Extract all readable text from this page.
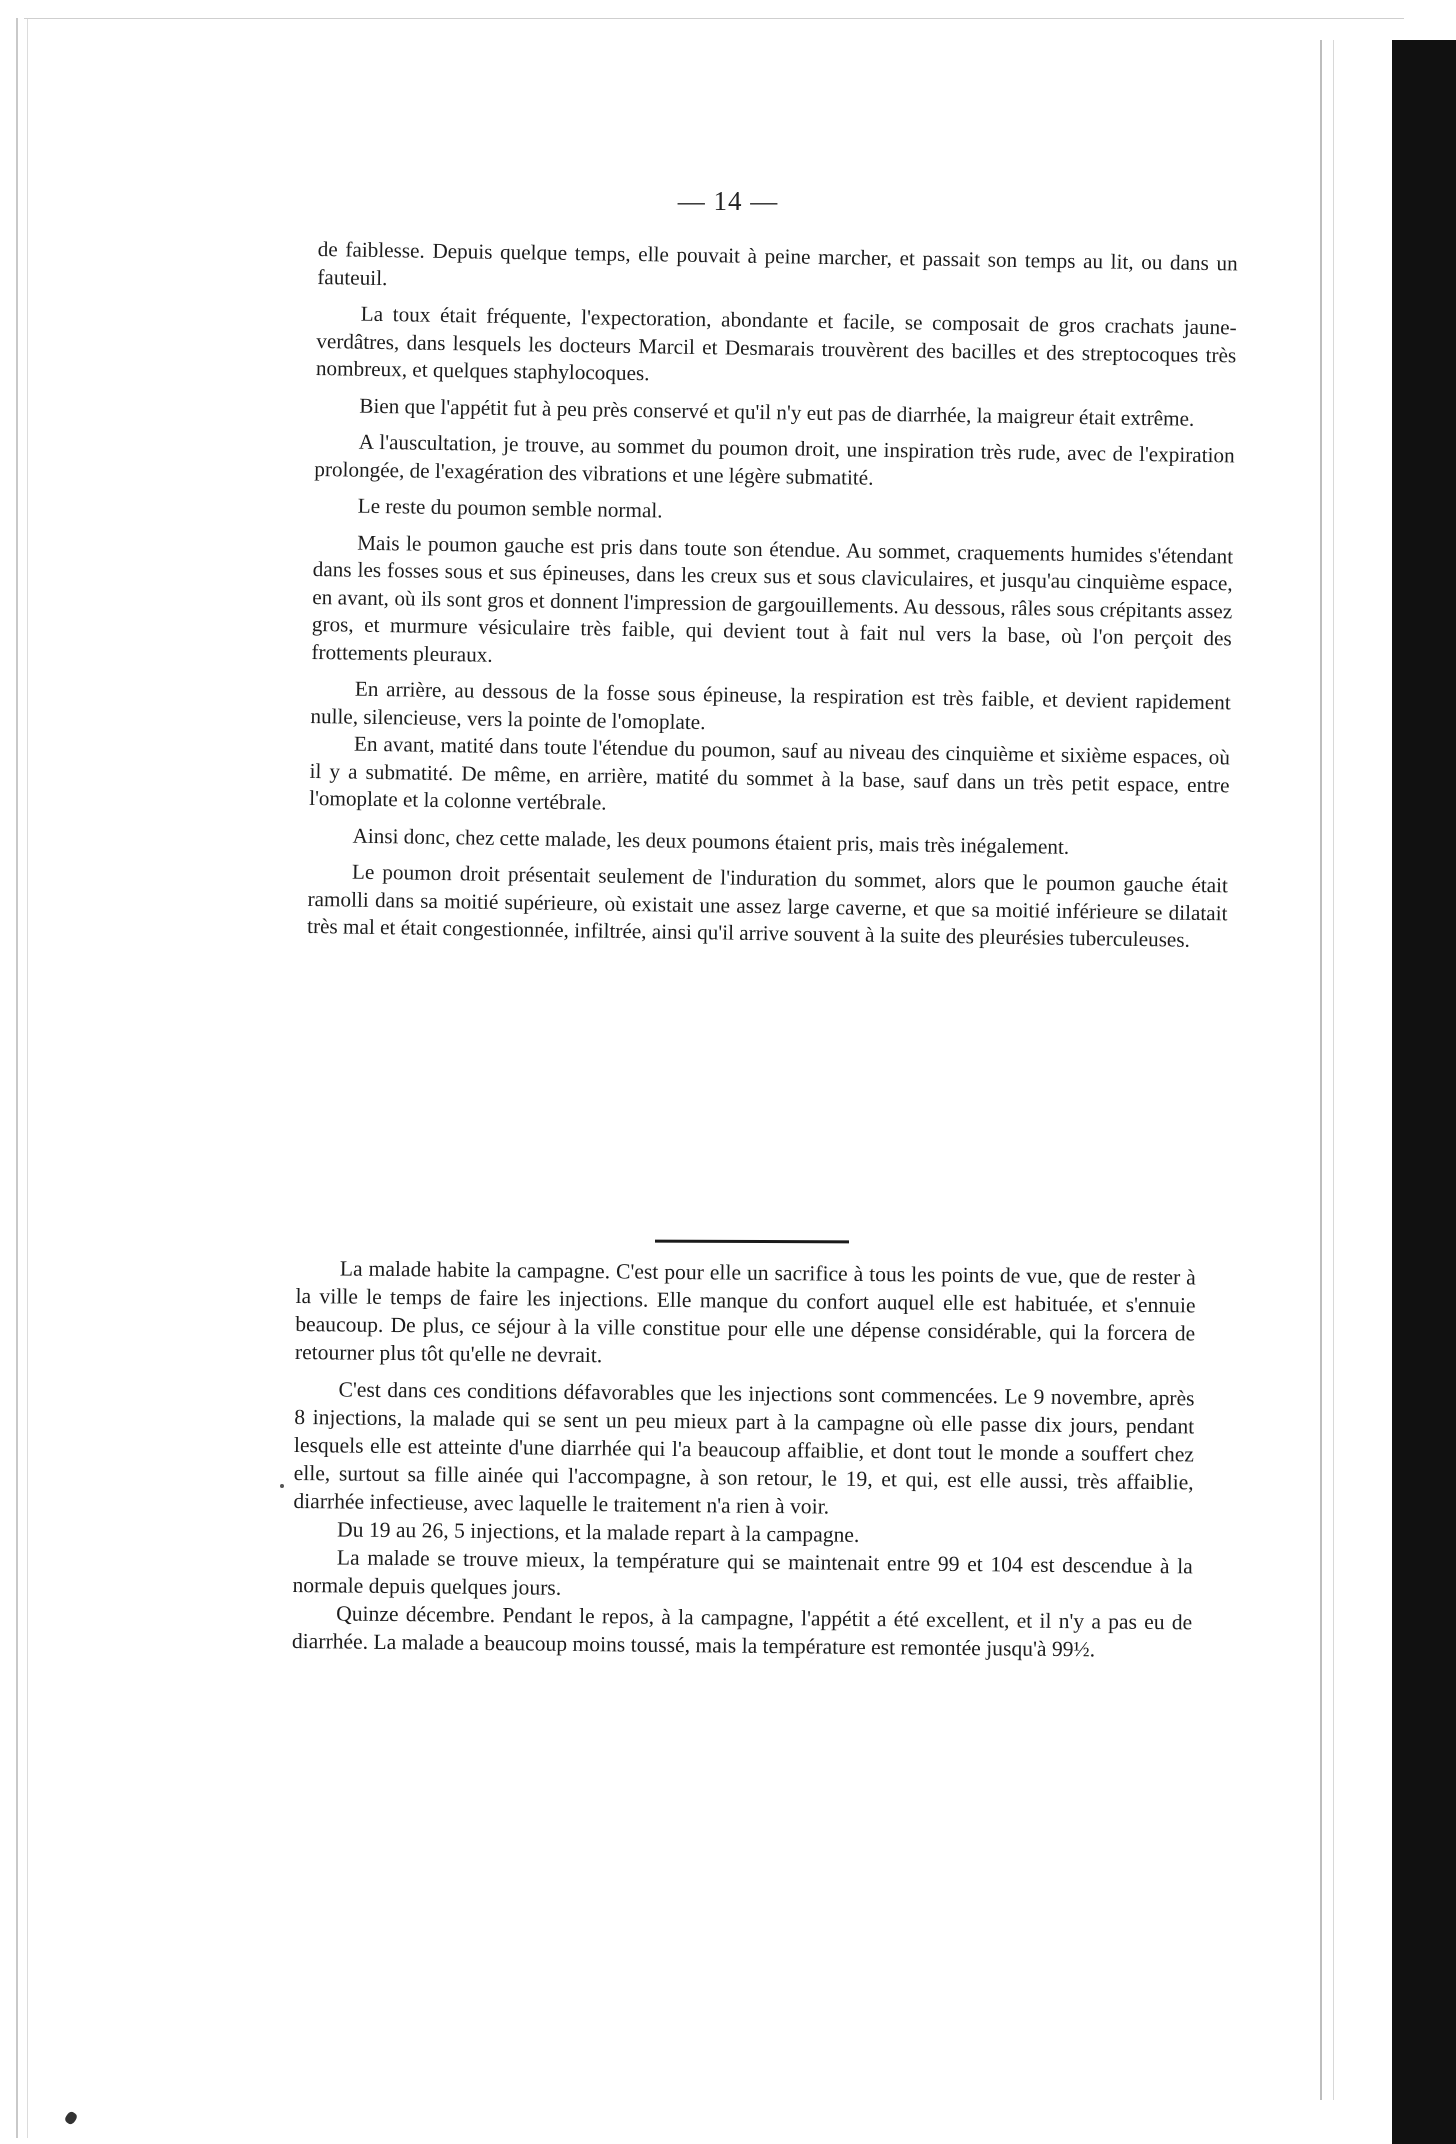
— 14 —

de faiblesse. Depuis quelque temps, elle pouvait à peine marcher, et passait son temps au lit, ou dans un fauteuil.

La toux était fréquente, l'expectoration, abondante et facile, se composait de gros crachats jaune-verdâtres, dans lesquels les docteurs Marcil et Desmarais trouvèrent des bacilles et des streptocoques très nombreux, et quelques staphylocoques.

Bien que l'appétit fut à peu près conservé et qu'il n'y eut pas de diarrhée, la maigreur était extrême.

A l'auscultation, je trouve, au sommet du poumon droit, une inspiration très rude, avec de l'expiration prolongée, de l'exagération des vibrations et une légère submatité.

Le reste du poumon semble normal.

Mais le poumon gauche est pris dans toute son étendue. Au sommet, craquements humides s'étendant dans les fosses sous et sus épineuses, dans les creux sus et sous claviculaires, et jusqu'au cinquième espace, en avant, où ils sont gros et donnent l'impression de gargouillements. Au dessous, râles sous crépitants assez gros, et murmure vésiculaire très faible, qui devient tout à fait nul vers la base, où l'on perçoit des frottements pleuraux.

En arrière, au dessous de la fosse sous épineuse, la respiration est très faible, et devient rapidement nulle, silencieuse, vers la pointe de l'omoplate.

En avant, matité dans toute l'étendue du poumon, sauf au niveau des cinquième et sixième espaces, où il y a submatité. De même, en arrière, matité du sommet à la base, sauf dans un très petit espace, entre l'omoplate et la colonne vertébrale.

Ainsi donc, chez cette malade, les deux poumons étaient pris, mais très inégalement.

Le poumon droit présentait seulement de l'induration du sommet, alors que le poumon gauche était ramolli dans sa moitié supérieure, où existait une assez large caverne, et que sa moitié inférieure se dilatait très mal et était congestionnée, infiltrée, ainsi qu'il arrive souvent à la suite des pleurésies tuberculeuses.

La malade habite la campagne. C'est pour elle un sacrifice à tous les points de vue, que de rester à la ville le temps de faire les injections. Elle manque du confort auquel elle est habituée, et s'ennuie beaucoup. De plus, ce séjour à la ville constitue pour elle une dépense considérable, qui la forcera de retourner plus tôt qu'elle ne devrait.

C'est dans ces conditions défavorables que les injections sont commencées. Le 9 novembre, après 8 injections, la malade qui se sent un peu mieux part à la campagne où elle passe dix jours, pendant lesquels elle est atteinte d'une diarrhée qui l'a beaucoup affaiblie, et dont tout le monde a souffert chez elle, surtout sa fille ainée qui l'accompagne, à son retour, le 19, et qui, est elle aussi, très affaiblie, diarrhée infectieuse, avec laquelle le traitement n'a rien à voir.

Du 19 au 26, 5 injections, et la malade repart à la campagne.

La malade se trouve mieux, la température qui se maintenait entre 99 et 104 est descendue à la normale depuis quelques jours.

Quinze décembre. Pendant le repos, à la campagne, l'appétit a été excellent, et il n'y a pas eu de diarrhée. La malade a beaucoup moins toussé, mais la température est remontée jusqu'à 99½.
